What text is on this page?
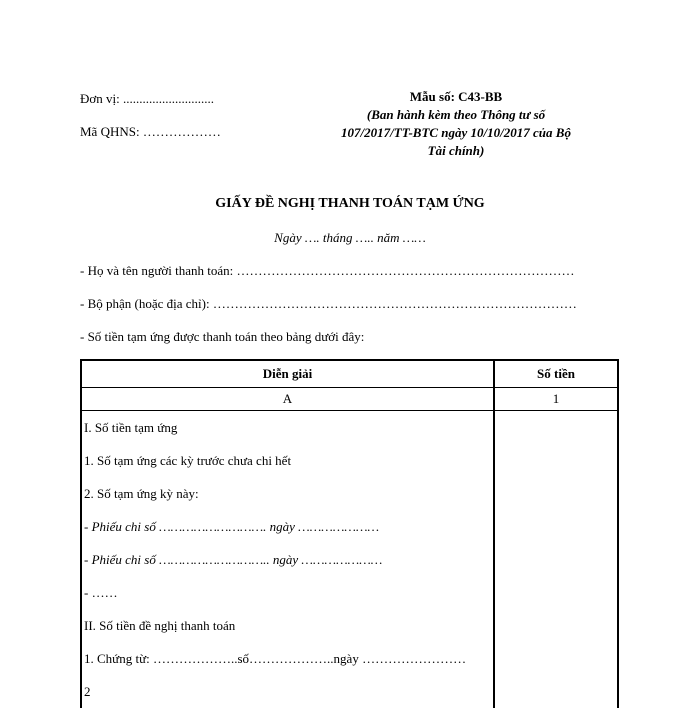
Đơn vị: ............................
Mã QHNS: ………………
Mẫu số: C43-BB
(Ban hành kèm theo Thông tư số
107/2017/TT-BTC ngày 10/10/2017 của Bộ
Tài chính)
GIẤY ĐỀ NGHỊ THANH TOÁN TẠM ỨNG
Ngày …. tháng ….. năm ……
- Họ và tên người thanh toán: ……………………………………………………………………
- Bộ phận (hoặc địa chỉ): …………………………………………………………………………
- Số tiền tạm ứng được thanh toán theo bảng dưới đây:
Diễn giải	Số tiền
A	1
I. Số tiền tạm ứng	
1. Số tạm ứng các kỳ trước chưa chi hết	
2. Số tạm ứng kỳ này:	
- Phiếu chi số ………………………. ngày …………………	
- Phiếu chi số ……………………….. ngày …………………	
- ……	
II. Số tiền đề nghị thanh toán	
1. Chứng từ: ………………..số………………..ngày ……………………	
2	
